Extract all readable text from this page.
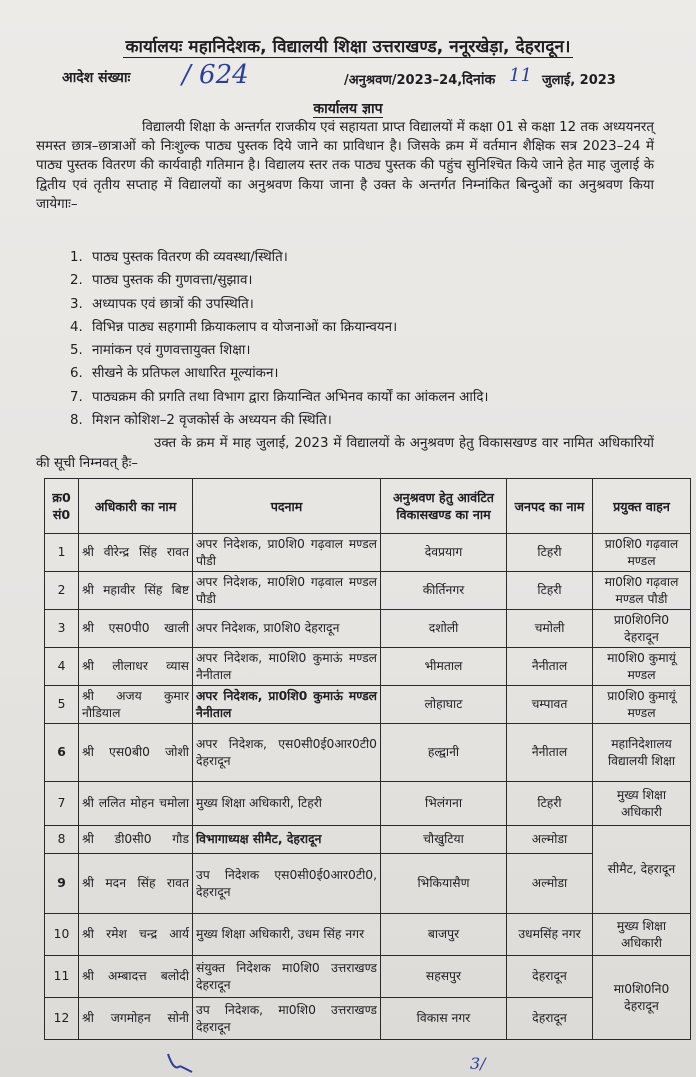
कार्यालयः महानिदेशक, विद्यालयी शिक्षा उत्तराखण्ड, ननूरखेड़ा, देहरादून।
आदेश संख्याः / 624	/अनुश्रवण/2023–24, दिनांक 11 जुलाई, 2023
कार्यालय ज्ञाप

विद्यालयी शिक्षा के अन्तर्गत राजकीय एवं सहायता प्राप्त विद्यालयों में कक्षा 01 से कक्षा 12 तक अध्ययनरत् समस्त छात्र–छात्राओं को निःशुल्क पाठ्य पुस्तक दिये जाने का प्राविधान है। जिसके क्रम में वर्तमान शैक्षिक सत्र 2023–24 में पाठ्य पुस्तक वितरण की कार्यवाही गतिमान है। विद्यालय स्तर तक पाठ्य पुस्तक की पहुंच सुनिश्चित किये जाने हेत माह जुलाई के द्वितीय एवं तृतीय सप्ताह में विद्यालयों का अनुश्रवण किया जाना है उक्त के अन्तर्गत निम्नांकित बिन्दुओं का अनुश्रवण किया जायेगाः–

1. पाठ्य पुस्तक वितरण की व्यवस्था/स्थिति।
2. पाठ्य पुस्तक की गुणवत्ता/सुझाव।
3. अध्यापक एवं छात्रों की उपस्थिति।
4. विभिन्न पाठ्य सहगामी क्रियाकलाप व योजनाओं का क्रियान्वयन।
5. नामांकन एवं गुणवत्तायुक्त शिक्षा।
6. सीखने के प्रतिफल आधारित मूल्यांकन।
7. पाठ्यक्रम की प्रगति तथा विभाग द्वारा क्रियान्वित अभिनव कार्यों का आंकलन आदि।
8. मिशन कोशिश–2 वृजकोर्स के अध्ययन की स्थिति।

उक्त के क्रम में माह जुलाई, 2023 में विद्यालयों के अनुश्रवण हेतु विकासखण्ड वार नामित अधिकारियों की सूची निम्नवत् हैः–

क्र0 सं0	अधिकारी का नाम	पदनाम	अनुश्रवण हेतु आवंटित विकासखण्ड का नाम	जनपद का नाम	प्रयुक्त वाहन
1	श्री वीरेन्द्र सिंह रावत	अपर निदेशक, प्रा0शि0 गढ़वाल मण्डल पौडी	देवप्रयाग	टिहरी	प्रा0शि0 गढ़वाल मण्डल
2	श्री महावीर सिंह बिष्ट	अपर निदेशक, मा0शि0 गढ़वाल मण्डल पौडी	कीर्तिनगर	टिहरी	मा0शि0 गढ़वाल मण्डल पौडी
3	श्री एस0पी0 खाली	अपर निदेशक, प्रा0शि0 देहरादून	दशोली	चमोली	प्रा0शि0नि0 देहरादून
4	श्री लीलाधर व्यास	अपर निदेशक, मा0शि0 कुमाऊं मण्डल नैनीताल	भीमताल	नैनीताल	मा0शि0 कुमायूं मण्डल
5	श्री अजय कुमार नौडियाल	अपर निदेशक, प्रा0शि0 कुमाऊं मण्डल नैनीताल	लोहाघाट	चम्पावत	प्रा0शि0 कुमायूं मण्डल
6	श्री एस0बी0 जोशी	अपर निदेशक, एस0सी0ई0आर0टी0 देहरादून	हल्द्वानी	नैनीताल	महानिदेशालय विद्यालयी शिक्षा
7	श्री ललित मोहन चमोला	मुख्य शिक्षा अधिकारी, टिहरी	भिलंगना	टिहरी	मुख्य शिक्षा अधिकारी
8	श्री डी0सी0 गौड	विभागाध्यक्ष सीमैट, देहरादून	चौखुटिया	अल्मोडा	सीमैट, देहरादून
9	श्री मदन सिंह रावत	उप निदेशक एस0सी0ई0आर0टी0, देहरादून	भिकियासैण	अल्मोडा	
10	श्री रमेश चन्द्र आर्य	मुख्य शिक्षा अधिकारी, उधम सिंह नगर	बाजपुर	उधमसिंह नगर	मुख्य शिक्षा अधिकारी
11	श्री अम्बादत्त बलोदी	संयुक्त निदेशक मा0शि0 उत्तराखण्ड देहरादून	सहसपुर	देहरादून	मा0शि0नि0 देहरादून
12	श्री जगमोहन सोनी	उप निदेशक, मा0शि0 उत्तराखण्ड देहरादून	विकास नगर	देहरादून	
3/
